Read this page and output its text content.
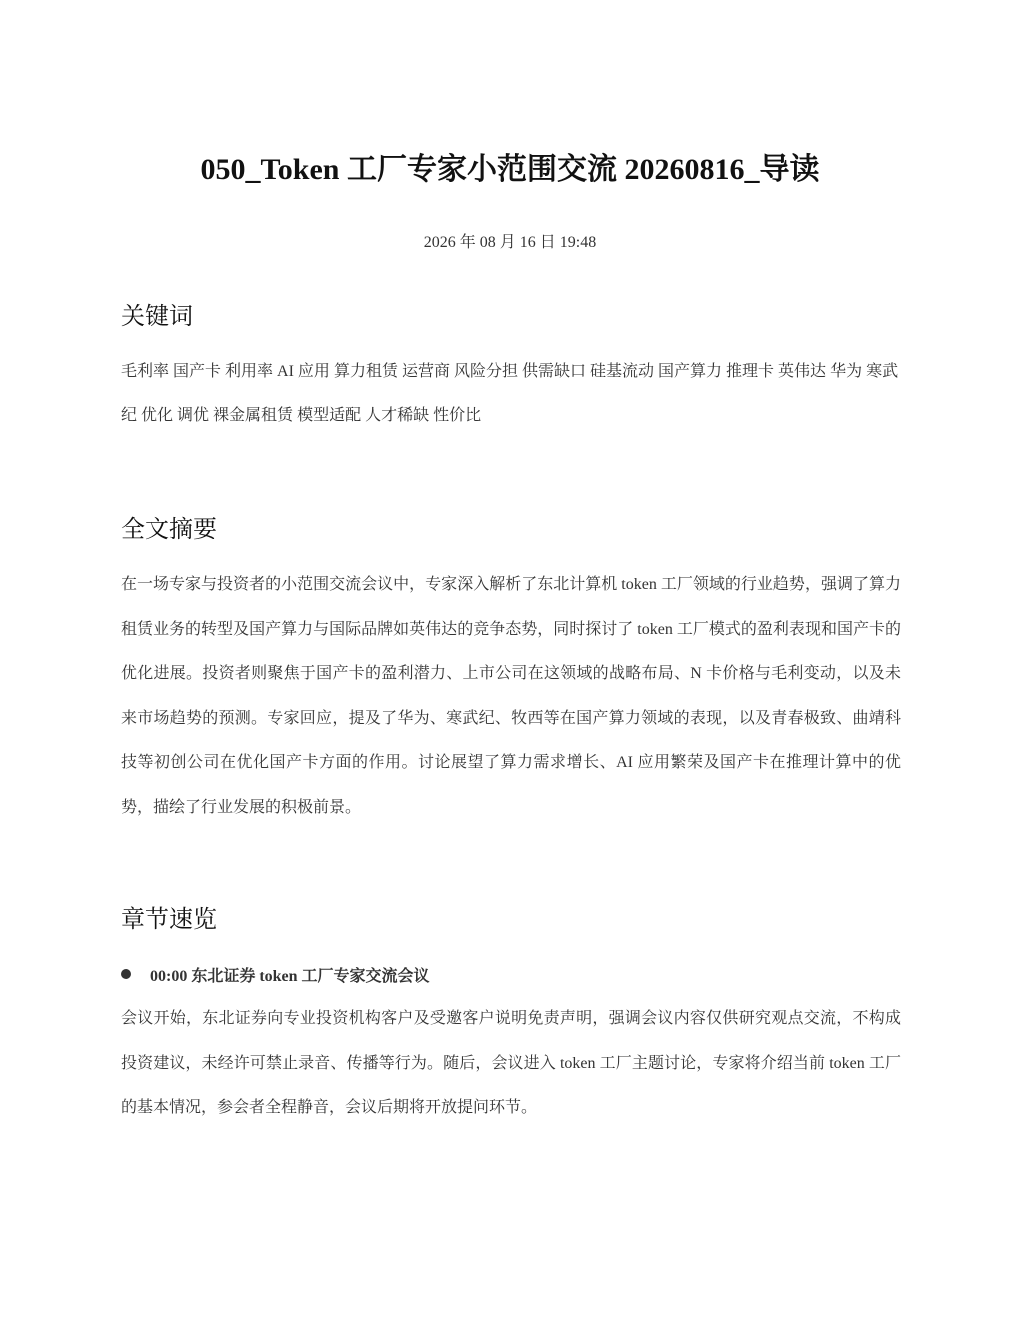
050_Token 工厂专家小范围交流 20260816_导读
2026 年 08 月 16 日 19:48
关键词
毛利率 国产卡 利用率 AI 应用 算力租赁 运营商 风险分担 供需缺口 硅基流动 国产算力 推理卡 英伟达 华为 寒武纪 优化 调优 裸金属租赁 模型适配 人才稀缺 性价比
全文摘要

在一场专家与投资者的小范围交流会议中，专家深入解析了东北计算机 token 工厂领域的行业趋势，强调了算力租赁业务的转型及国产算力与国际品牌如英伟达的竞争态势，同时探讨了 token 工厂模式的盈利表现和国产卡的优化进展。投资者则聚焦于国产卡的盈利潜力、上市公司在这领域的战略布局、N 卡价格与毛利变动，以及未来市场趋势的预测。专家回应，提及了华为、寒武纪、牧西等在国产算力领域的表现，以及青春极致、曲靖科技等初创公司在优化国产卡方面的作用。讨论展望了算力需求增长、AI 应用繁荣及国产卡在推理计算中的优势，描绘了行业发展的积极前景。

章节速览
00:00 东北证券 token 工厂专家交流会议

会议开始，东北证券向专业投资机构客户及受邀客户说明免责声明，强调会议内容仅供研究观点交流，不构成投资建议，未经许可禁止录音、传播等行为。随后，会议进入 token 工厂主题讨论，专家将介绍当前 token 工厂的基本情况，参会者全程静音，会议后期将开放提问环节。
